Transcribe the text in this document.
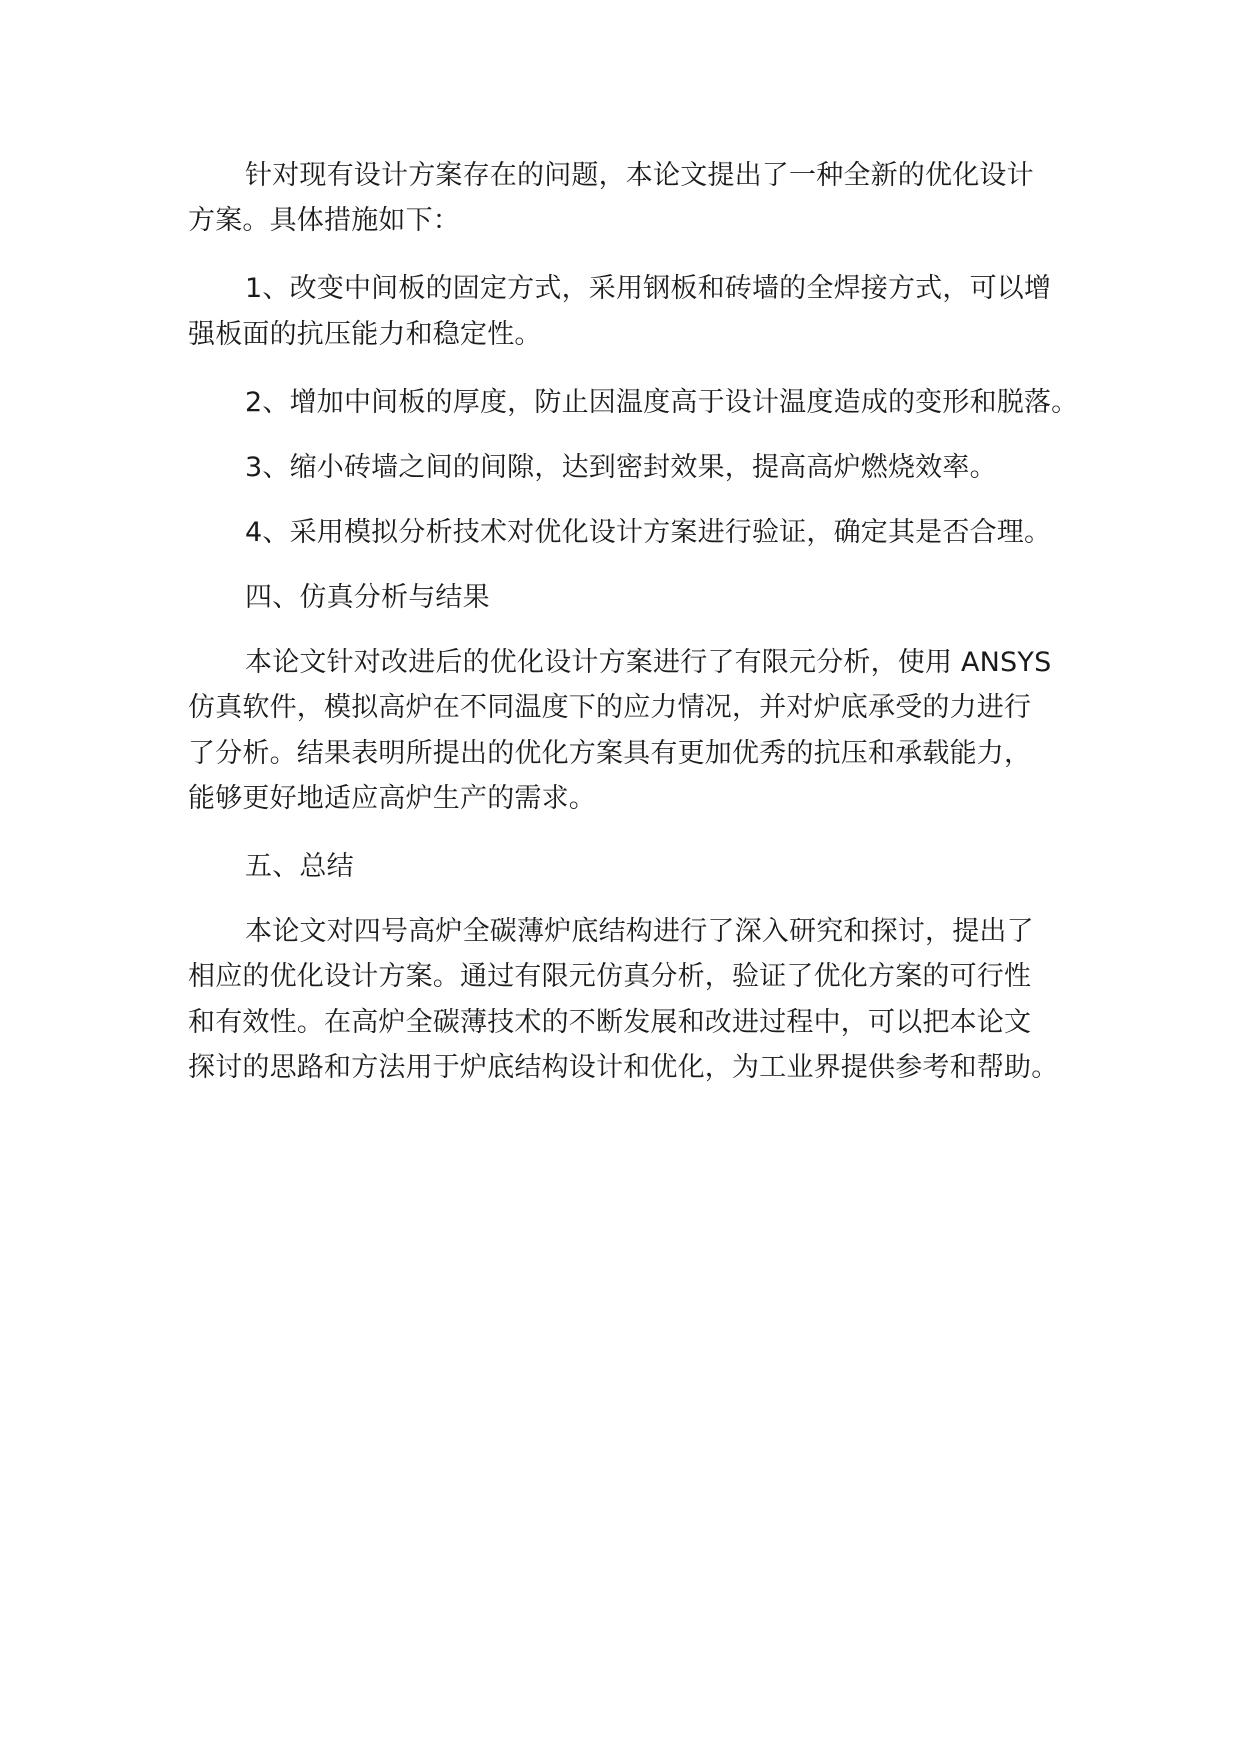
针对现有设计方案存在的问题，本论文提出了一种全新的优化设计

方案。具体措施如下：

1、改变中间板的固定方式，采用钢板和砖墙的全焊接方式，可以增

强板面的抗压能力和稳定性。

2、增加中间板的厚度，防止因温度高于设计温度造成的变形和脱落。

3、缩小砖墙之间的间隙，达到密封效果，提高高炉燃烧效率。

4、采用模拟分析技术对优化设计方案进行验证，确定其是否合理。

四、仿真分析与结果

本论文针对改进后的优化设计方案进行了有限元分析，使用 ANSYS

仿真软件，模拟高炉在不同温度下的应力情况，并对炉底承受的力进行

了分析。结果表明所提出的优化方案具有更加优秀的抗压和承载能力，

能够更好地适应高炉生产的需求。

五、总结

本论文对四号高炉全碳薄炉底结构进行了深入研究和探讨，提出了

相应的优化设计方案。通过有限元仿真分析，验证了优化方案的可行性

和有效性。在高炉全碳薄技术的不断发展和改进过程中，可以把本论文

探讨的思路和方法用于炉底结构设计和优化，为工业界提供参考和帮助。
